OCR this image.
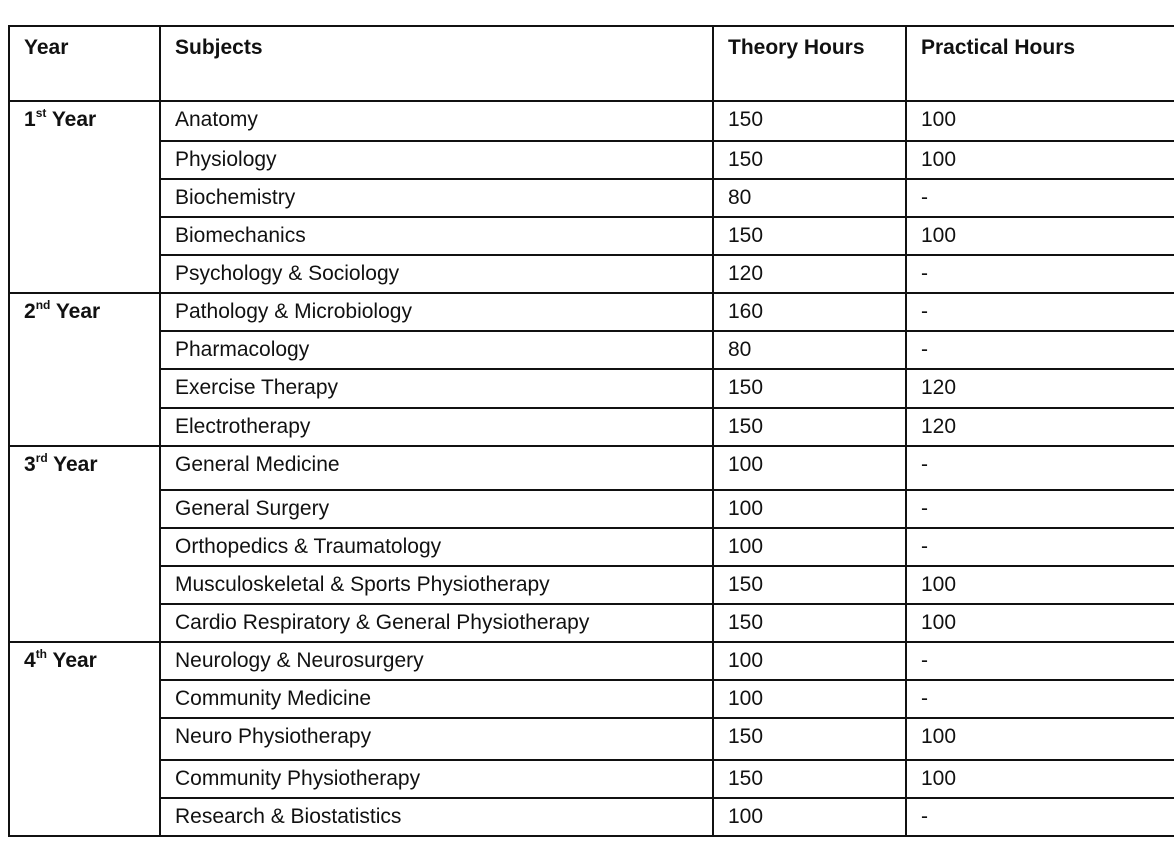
Year	Subjects	Theory Hours	Practical Hours
1st Year	Anatomy	150	100
	Physiology	150	100
	Biochemistry	80	-
	Biomechanics	150	100
	Psychology & Sociology	120	-
2nd Year	Pathology & Microbiology	160	-
	Pharmacology	80	-
	Exercise Therapy	150	120
	Electrotherapy	150	120
3rd Year	General Medicine	100	-
	General Surgery	100	-
	Orthopedics & Traumatology	100	-
	Musculoskeletal & Sports Physiotherapy	150	100
	Cardio Respiratory & General Physiotherapy	150	100
4th Year	Neurology & Neurosurgery	100	-
	Community Medicine	100	-
	Neuro Physiotherapy	150	100
	Community Physiotherapy	150	100
	Research & Biostatistics	100	-
